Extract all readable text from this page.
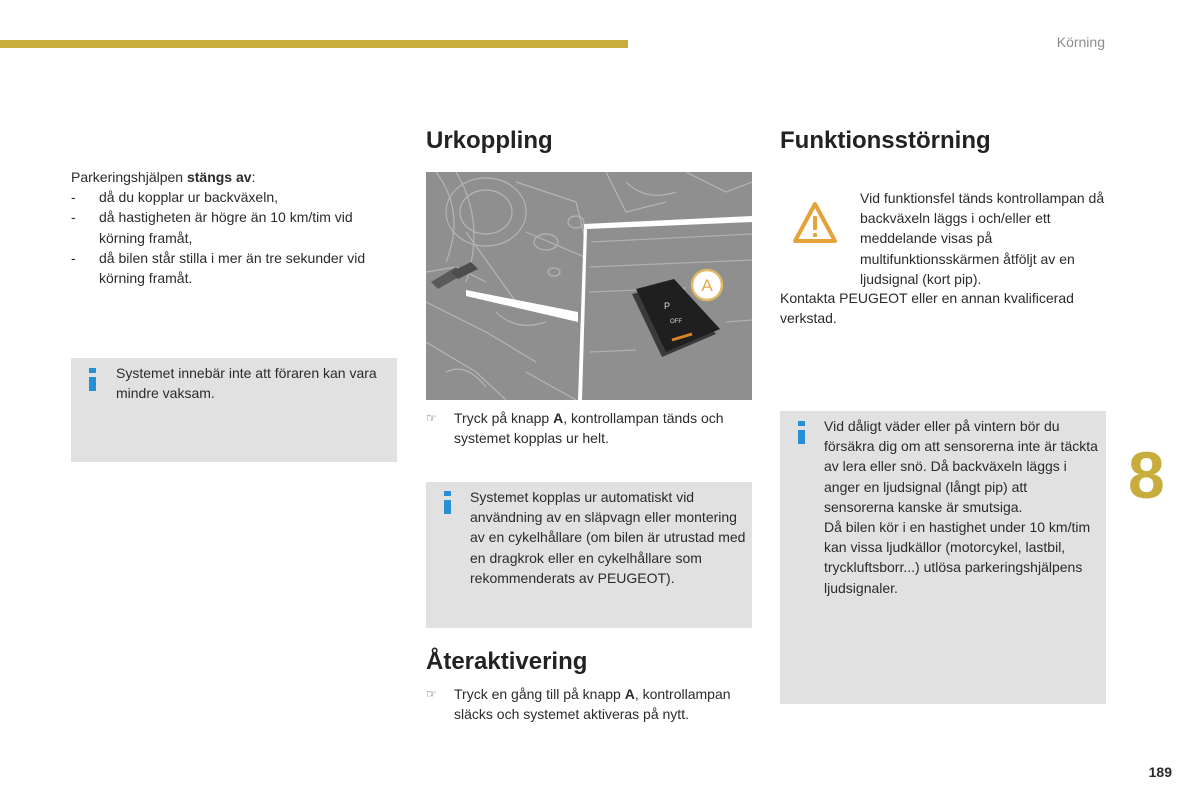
Körning
8
Parkeringshjälpen stängs av:
- då du kopplar ur backväxeln,
- då hastigheten är högre än 10 km/tim vid körning framåt,
- då bilen står stilla i mer än tre sekunder vid körning framåt.
Systemet innebär inte att föraren kan vara mindre vaksam.
Urkoppling
P
OFF
A
☞ Tryck på knapp A, kontrollampan tänds och systemet kopplas ur helt.
Systemet kopplas ur automatiskt vid användning av en släpvagn eller montering av en cykelhållare (om bilen är utrustad med en dragkrok eller en cykelhållare som rekommenderats av PEUGEOT).
Återaktivering
☞ Tryck en gång till på knapp A, kontrollampan släcks och systemet aktiveras på nytt.
Funktionsstörning
Vid funktionsfel tänds kontrollampan då backväxeln läggs i och/eller ett meddelande visas på multifunktionsskärmen åtföljt av en ljudsignal (kort pip).
Kontakta PEUGEOT eller en annan kvalificerad verkstad.
Vid dåligt väder eller på vintern bör du försäkra dig om att sensorerna inte är täckta av lera eller snö. Då backväxeln läggs i anger en ljudsignal (långt pip) att sensorerna kanske är smutsiga.
Då bilen kör i en hastighet under 10 km/tim kan vissa ljudkällor (motorcykel, lastbil, tryckluftsborr...) utlösa parkeringshjälpens ljudsignaler.
189
